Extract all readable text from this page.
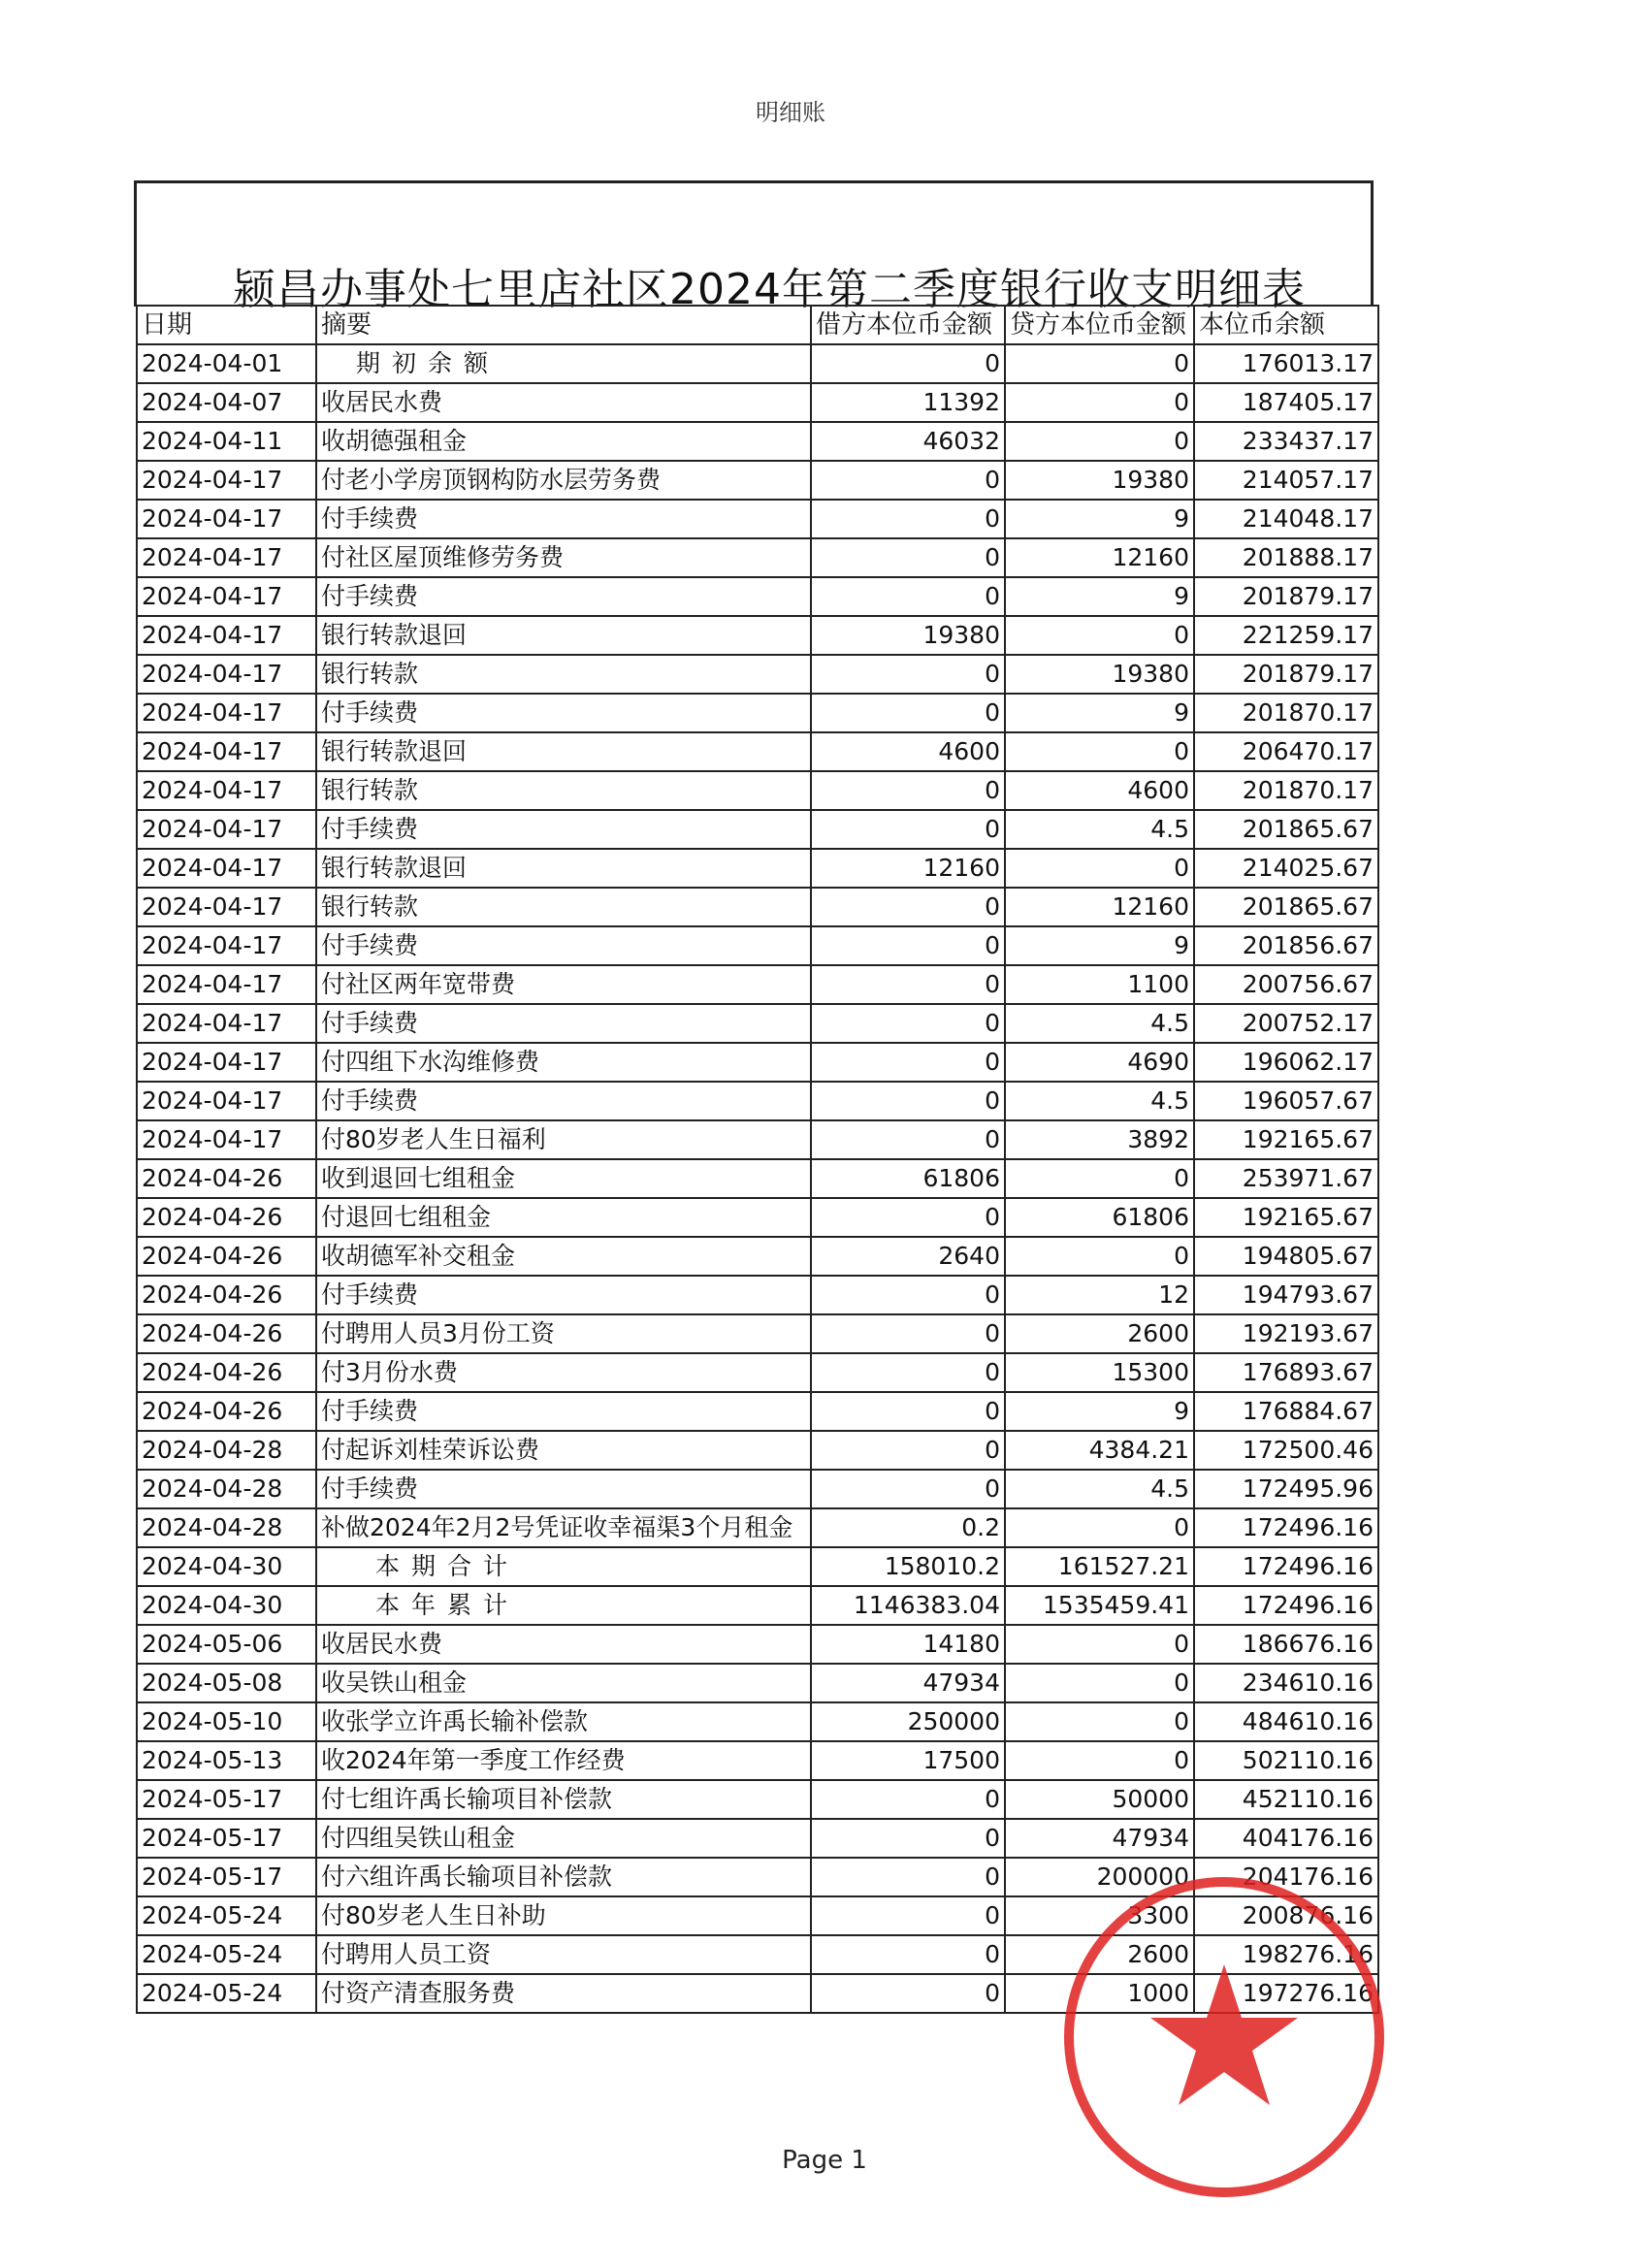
明细账
颍昌办事处七里店社区2024年第二季度银行收支明细表
日期	摘要	借方本位币金额	贷方本位币金额	本位币余额
2024-04-01	期初余额	0	0	176013.17
2024-04-07	收居民水费	11392	0	187405.17
2024-04-11	收胡德强租金	46032	0	233437.17
2024-04-17	付老小学房顶钢构防水层劳务费	0	19380	214057.17
2024-04-17	付手续费	0	9	214048.17
2024-04-17	付社区屋顶维修劳务费	0	12160	201888.17
2024-04-17	付手续费	0	9	201879.17
2024-04-17	银行转款退回	19380	0	221259.17
2024-04-17	银行转款	0	19380	201879.17
2024-04-17	付手续费	0	9	201870.17
2024-04-17	银行转款退回	4600	0	206470.17
2024-04-17	银行转款	0	4600	201870.17
2024-04-17	付手续费	0	4.5	201865.67
2024-04-17	银行转款退回	12160	0	214025.67
2024-04-17	银行转款	0	12160	201865.67
2024-04-17	付手续费	0	9	201856.67
2024-04-17	付社区两年宽带费	0	1100	200756.67
2024-04-17	付手续费	0	4.5	200752.17
2024-04-17	付四组下水沟维修费	0	4690	196062.17
2024-04-17	付手续费	0	4.5	196057.67
2024-04-17	付80岁老人生日福利	0	3892	192165.67
2024-04-26	收到退回七组租金	61806	0	253971.67
2024-04-26	付退回七组租金	0	61806	192165.67
2024-04-26	收胡德军补交租金	2640	0	194805.67
2024-04-26	付手续费	0	12	194793.67
2024-04-26	付聘用人员3月份工资	0	2600	192193.67
2024-04-26	付3月份水费	0	15300	176893.67
2024-04-26	付手续费	0	9	176884.67
2024-04-28	付起诉刘桂荣诉讼费	0	4384.21	172500.46
2024-04-28	付手续费	0	4.5	172495.96
2024-04-28	补做2024年2月2号凭证收幸福渠3个月租金	0.2	0	172496.16
2024-04-30	本期合计	158010.2	161527.21	172496.16
2024-04-30	本年累计	1146383.04	1535459.41	172496.16
2024-05-06	收居民水费	14180	0	186676.16
2024-05-08	收吴铁山租金	47934	0	234610.16
2024-05-10	收张学立许禹长输补偿款	250000	0	484610.16
2024-05-13	收2024年第一季度工作经费	17500	0	502110.16
2024-05-17	付七组许禹长输项目补偿款	0	50000	452110.16
2024-05-17	付四组吴铁山租金	0	47934	404176.16
2024-05-17	付六组许禹长输项目补偿款	0	200000	204176.16
2024-05-24	付80岁老人生日补助	0	3300	200876.16
2024-05-24	付聘用人员工资	0	2600	198276.16
2024-05-24	付资产清查服务费	0	1000	197276.16
Page 1
